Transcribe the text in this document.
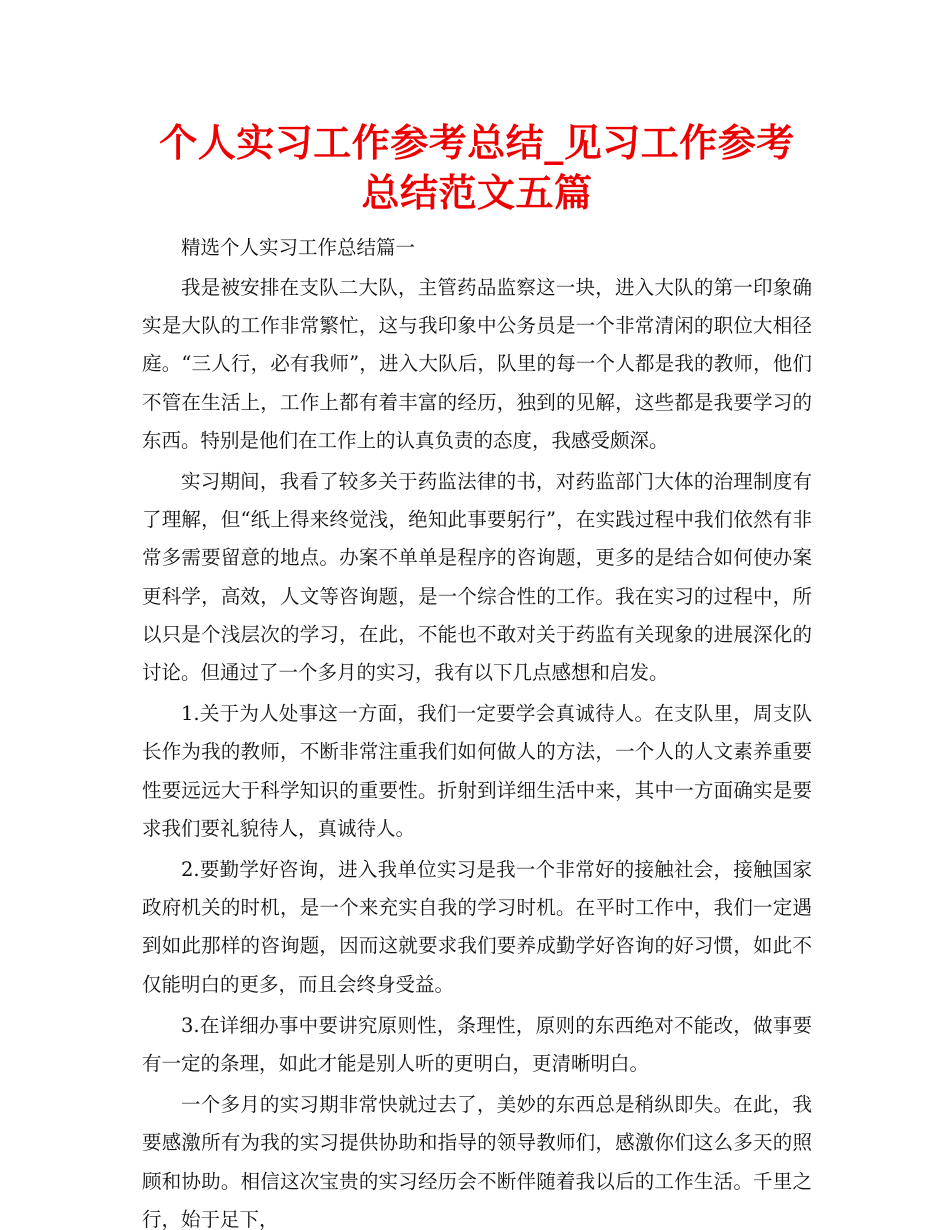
个人实习工作参考总结_见习工作参考总结范文五篇

精选个人实习工作总结篇一

我是被安排在支队二大队，主管药品监察这一块，进入大队的第一印象确实是大队的工作非常繁忙，这与我印象中公务员是一个非常清闲的职位大相径庭。“三人行，必有我师”，进入大队后，队里的每一个人都是我的教师，他们不管在生活上，工作上都有着丰富的经历，独到的见解，这些都是我要学习的东西。特别是他们在工作上的认真负责的态度，我感受颇深。

实习期间，我看了较多关于药监法律的书，对药监部门大体的治理制度有了理解，但“纸上得来终觉浅，绝知此事要躬行”，在实践过程中我们依然有非常多需要留意的地点。办案不单单是程序的咨询题，更多的是结合如何使办案更科学，高效，人文等咨询题，是一个综合性的工作。我在实习的过程中，所以只是个浅层次的学习，在此，不能也不敢对关于药监有关现象的进展深化的讨论。但通过了一个多月的实习，我有以下几点感想和启发。

1.关于为人处事这一方面，我们一定要学会真诚待人。在支队里，周支队长作为我的教师，不断非常注重我们如何做人的方法，一个人的人文素养重要性要远远大于科学知识的重要性。折射到详细生活中来，其中一方面确实是要求我们要礼貌待人，真诚待人。

2.要勤学好咨询，进入我单位实习是我一个非常好的接触社会，接触国家政府机关的时机，是一个来充实自我的学习时机。在平时工作中，我们一定遇到如此那样的咨询题，因而这就要求我们要养成勤学好咨询的好习惯，如此不仅能明白的更多，而且会终身受益。

3.在详细办事中要讲究原则性，条理性，原则的东西绝对不能改，做事要有一定的条理，如此才能是别人听的更明白，更清晰明白。

一个多月的实习期非常快就过去了，美妙的东西总是稍纵即失。在此，我要感激所有为我的实习提供协助和指导的领导教师们，感激你们这么多天的照顾和协助。相信这次宝贵的实习经历会不断伴随着我以后的工作生活。千里之行，始于足下，
